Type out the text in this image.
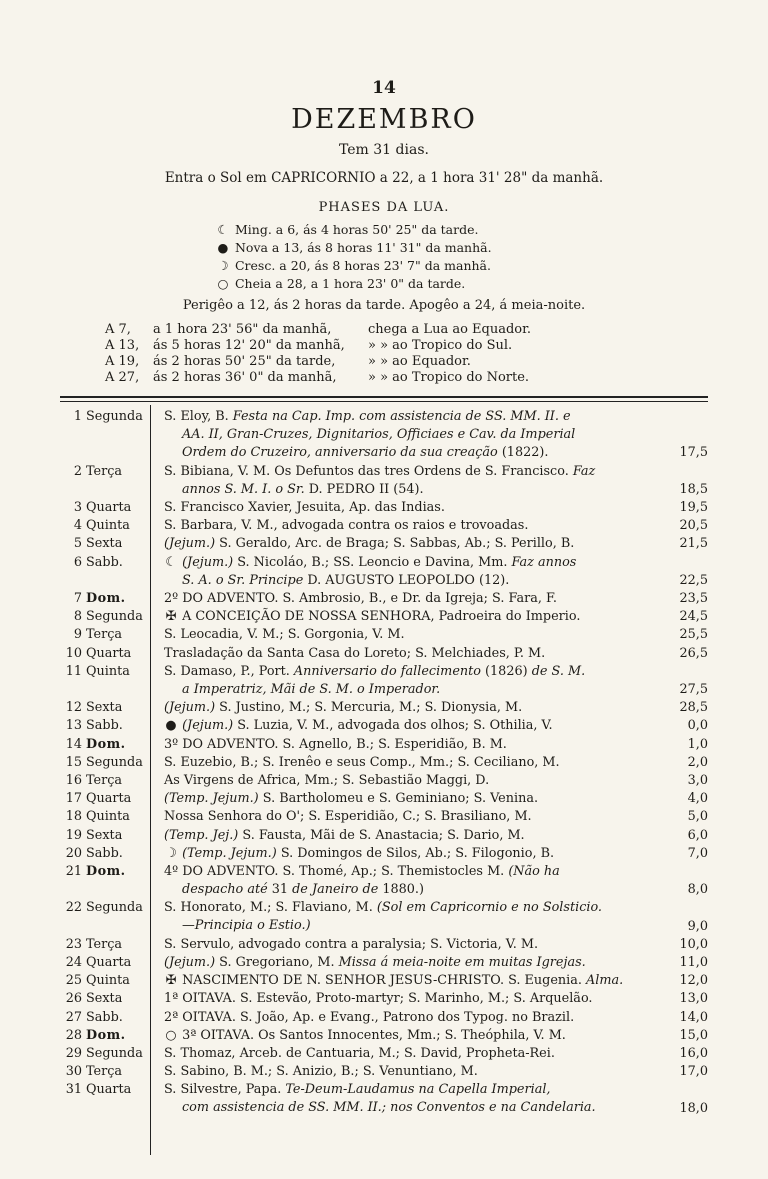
14
DEZEMBRO
Tem 31 dias.
Entra o Sol em CAPRICORNIO a 22, a 1 hora 31' 28" da manhã.
PHASES DA LUA.
☾ Ming. a 6, ás 4 horas 50' 25" da tarde.
● Nova a 13, ás 8 horas 11' 31" da manhã.
☽ Cresc. a 20, ás 8 horas 23' 7" da manhã.
○ Cheia a 28, a 1 hora 23' 0" da tarde.
Perigêo a 12, ás 2 horas da tarde. Apogêo a 24, á meia-noite.
A 7, a 1 hora 23' 56" da manhã,	chega a Lua ao Equador.
A 13, ás 5 horas 12' 20" da manhã, » » ao Tropico do Sul.
A 19, ás 2 horas 50' 25" da tarde,	» » ao Equador.
A 27, ás 2 horas 36' 0" da manhã, » » ao Tropico do Norte.
1 Segunda	S. Eloy, B. Festa na Cap. Imp. com assistencia de SS. MM. II. e
AA. II, Gran-Cruzes, Dignitarios, Officiaes e Cav. da Imperial
Ordem do Cruzeiro, anniversario da sua creação (1822).	17,5
2 Terça	S. Bibiana, V. M. Os Defuntos das tres Ordens de S. Francisco. Faz
annos S. M. I. o Sr. D. PEDRO II (54).	18,5
3 Quarta	S. Francisco Xavier, Jesuita, Ap. das Indias.	19,5
4 Quinta	S. Barbara, V. M., advogada contra os raios e trovoadas.	20,5
5 Sexta	(Jejum.) S. Geraldo, Arc. de Braga; S. Sabbas, Ab.; S. Perillo, B.	21,5
6 Sabb.	☾ (Jejum.) S. Nicoláo, B.; SS. Leoncio e Davina, Mm. Faz annos
S. A. o Sr. Principe D. AUGUSTO LEOPOLDO (12).	22,5
7 Dom.	2º DO ADVENTO. S. Ambrosio, B., e Dr. da Igreja; S. Fara, F.	23,5
8 Segunda	✠ A CONCEIÇÃO DE NOSSA SENHORA, Padroeira do Imperio.	24,5
9 Terça	S. Leocadia, V. M.; S. Gorgonia, V. M.	25,5
10 Quarta	Trasladação da Santa Casa do Loreto; S. Melchiades, P. M.	26,5
11 Quinta	S. Damaso, P., Port. Anniversario do fallecimento (1826) de S. M.
a Imperatriz, Mãi de S. M. o Imperador.	27,5
12 Sexta	(Jejum.) S. Justino, M.; S. Mercuria, M.; S. Dionysia, M.	28,5
13 Sabb.	● (Jejum.) S. Luzia, V. M., advogada dos olhos; S. Othilia, V.	0,0
14 Dom.	3º DO ADVENTO. S. Agnello, B.; S. Esperidião, B. M.	1,0
15 Segunda	S. Euzebio, B.; S. Irenêo e seus Comp., Mm.; S. Ceciliano, M.	2,0
16 Terça	As Virgens de Africa, Mm.; S. Sebastião Maggi, D.	3,0
17 Quarta	(Temp. Jejum.) S. Bartholomeu e S. Geminiano; S. Venina.	4,0
18 Quinta	Nossa Senhora do O'; S. Esperidião, C.; S. Brasiliano, M.	5,0
19 Sexta	(Temp. Jej.) S. Fausta, Mãi de S. Anastacia; S. Dario, M.	6,0
20 Sabb.	☽ (Temp. Jejum.) S. Domingos de Silos, Ab.; S. Filogonio, B.	7,0
21 Dom.	4º DO ADVENTO. S. Thomé, Ap.; S. Themistocles M. (Não ha
despacho até 31 de Janeiro de 1880.)	8,0
22 Segunda	S. Honorato, M.; S. Flaviano, M. (Sol em Capricornio e no Solsticio.
—Principia o Estio.)	9,0
23 Terça	S. Servulo, advogado contra a paralysia; S. Victoria, V. M.	10,0
24 Quarta	(Jejum.) S. Gregoriano, M. Missa á meia-noite em muitas Igrejas.	11,0
25 Quinta	✠ NASCIMENTO DE N. SENHOR JESUS-CHRISTO. S. Eugenia. Alma.	12,0
26 Sexta	1ª OITAVA. S. Estevão, Proto-martyr; S. Marinho, M.; S. Arquelão.	13,0
27 Sabb.	2ª OITAVA. S. João, Ap. e Evang., Patrono dos Typog. no Brazil.	14,0
28 Dom.	○ 3ª OITAVA. Os Santos Innocentes, Mm.; S. Theóphila, V. M.	15,0
29 Segunda	S. Thomaz, Arceb. de Cantuaria, M.; S. David, Propheta-Rei.	16,0
30 Terça	S. Sabino, B. M.; S. Anizio, B.; S. Venuntiano, M.	17,0
31 Quarta	S. Silvestre, Papa. Te-Deum-Laudamus na Capella Imperial,
com assistencia de SS. MM. II.; nos Conventos e na Candelaria.	18,0
